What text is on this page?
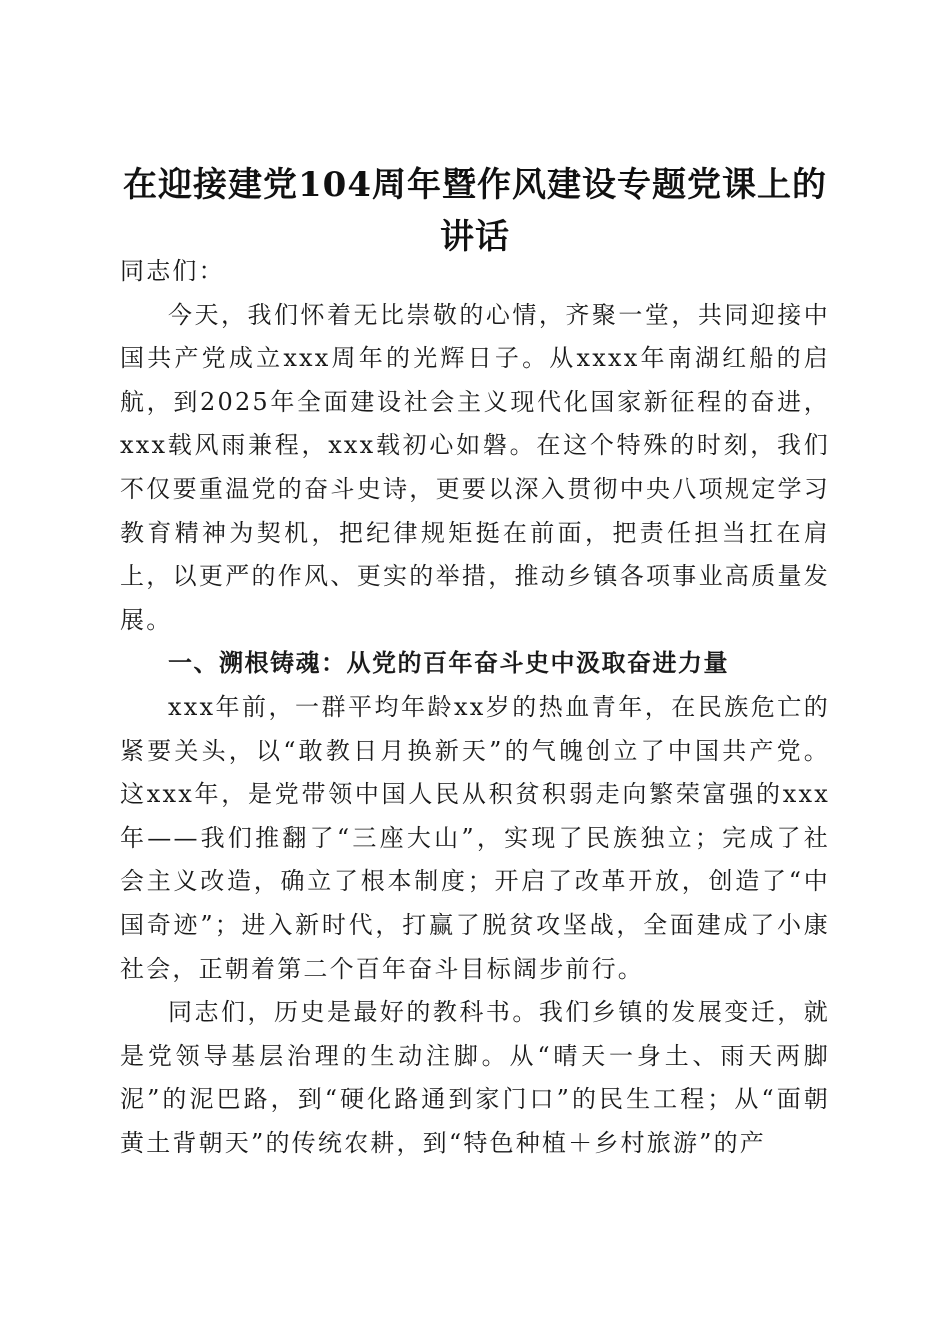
在迎接建党104周年暨作风建设专题党课上的
讲话

同志们：

今天，我们怀着无比崇敬的心情，齐聚一堂，共同迎接中国共产党成立xxx周年的光辉日子。从xxxx年南湖红船的启航，到2025年全面建设社会主义现代化国家新征程的奋进，xxx载风雨兼程，xxx载初心如磐。在这个特殊的时刻，我们不仅要重温党的奋斗史诗，更要以深入贯彻中央八项规定学习教育精神为契机，把纪律规矩挺在前面，把责任担当扛在肩上，以更严的作风、更实的举措，推动乡镇各项事业高质量发展。

一、溯根铸魂：从党的百年奋斗史中汲取奋进力量

xxx年前，一群平均年龄xx岁的热血青年，在民族危亡的紧要关头，以“敢教日月换新天”的气魄创立了中国共产党。这xxx年，是党带领中国人民从积贫积弱走向繁荣富强的xxx年——我们推翻了“三座大山”，实现了民族独立；完成了社会主义改造，确立了根本制度；开启了改革开放，创造了“中国奇迹”；进入新时代，打赢了脱贫攻坚战，全面建成了小康社会，正朝着第二个百年奋斗目标阔步前行。

同志们，历史是最好的教科书。我们乡镇的发展变迁，就是党领导基层治理的生动注脚。从“晴天一身土、雨天两脚泥”的泥巴路，到“硬化路通到家门口”的民生工程；从“面朝黄土背朝天”的传统农耕，到“特色种植＋乡村旅游”的产
